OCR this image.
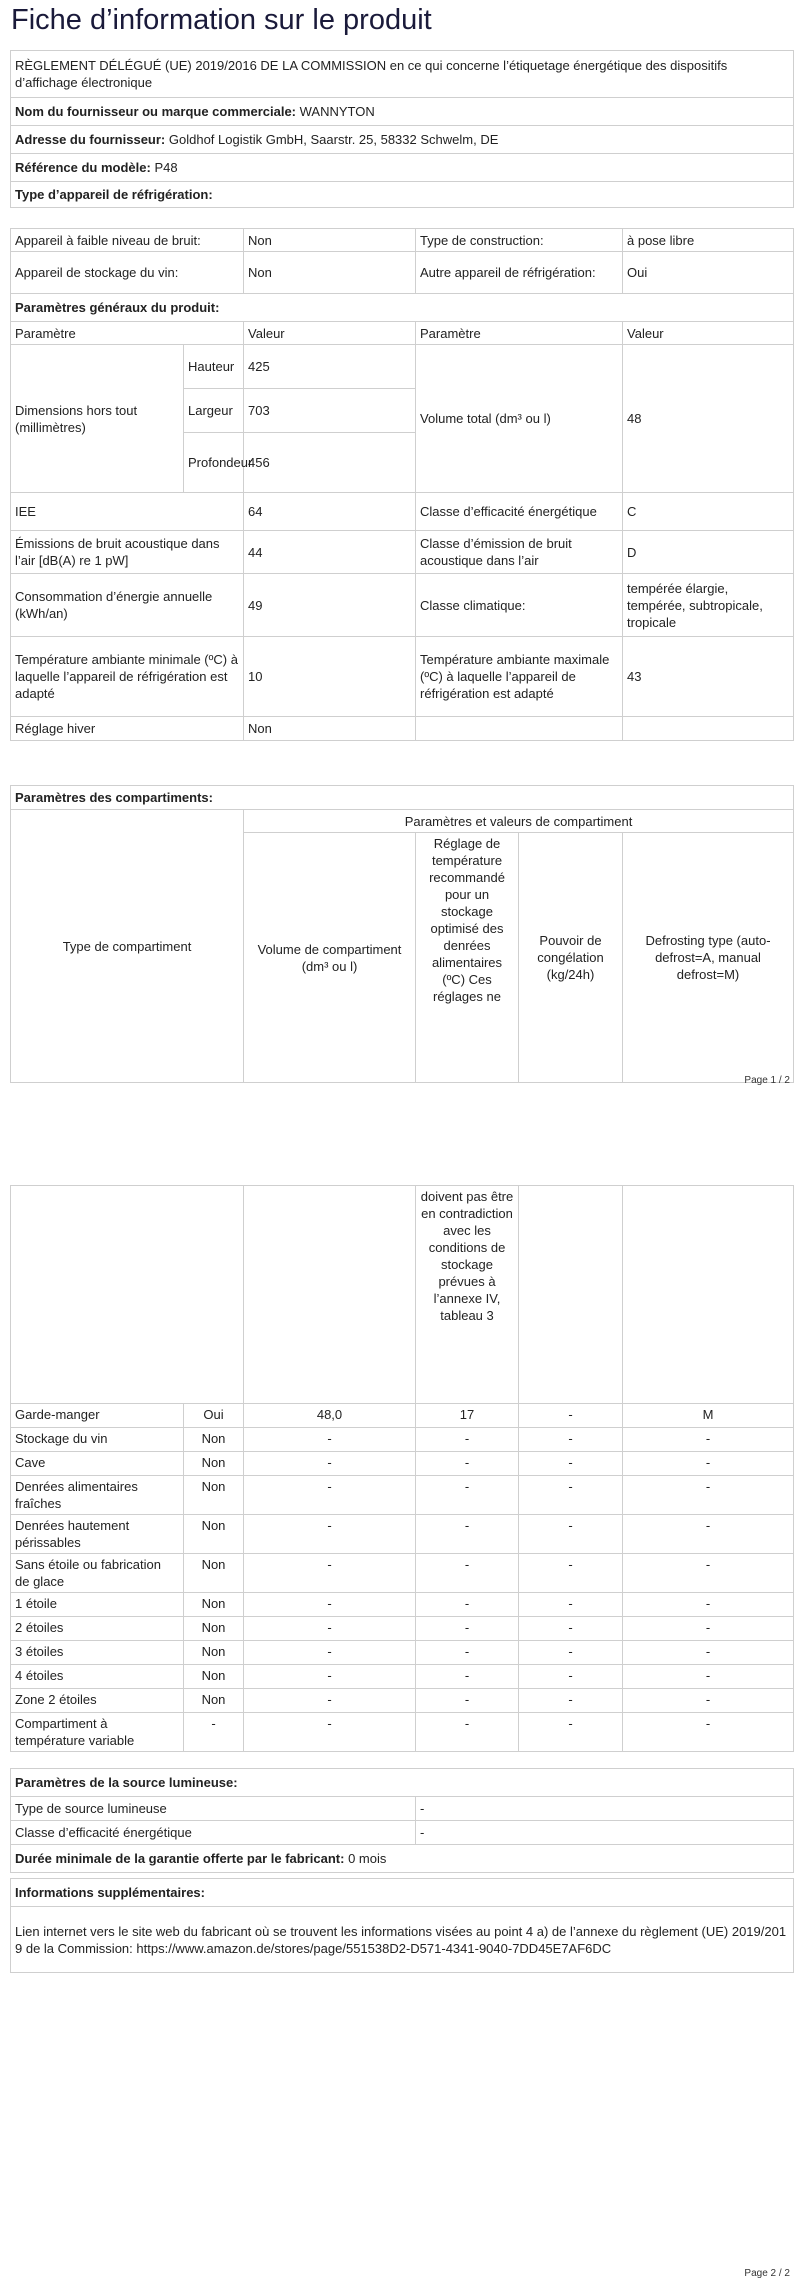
Fiche d’information sur le produit
RÈGLEMENT DÉLÉGUÉ (UE) 2019/2016 DE LA COMMISSION en ce qui concerne l’étiquetage énergétique des dispositifs d’affichage électronique
Nom du fournisseur ou marque commerciale: WANNYTON
Adresse du fournisseur: Goldhof Logistik GmbH, Saarstr. 25, 58332 Schwelm, DE
Référence du modèle: P48
Type d’appareil de réfrigération:
Appareil à faible niveau de bruit:	Non	Type de construction:	à pose libre
Appareil de stockage du vin:	Non	Autre appareil de réfrigération:	Oui
Paramètres généraux du produit:
Paramètre		Valeur	Paramètre	Valeur
Dimensions hors tout (millimètres)	Hauteur	425	Volume total (dm³ ou l)	48
	Largeur	703		
	Profondeur	456		
IEE		64	Classe d’efficacité énergétique	C
Émissions de bruit acoustique dans l’air [dB(A) re 1 pW]		44	Classe d’émission de bruit acoustique dans l’air	D
Consommation d’énergie annuelle (kWh/an)		49	Classe climatique:	tempérée élargie, tempérée, subtropicale, tropicale
Température ambiante minimale (ºC) à laquelle l’appareil de réfrigération est adapté		10	Température ambiante maximale (ºC) à laquelle l’appareil de réfrigération est adapté	43
Réglage hiver		Non		
Paramètres des compartiments:
Type de compartiment	Paramètres et valeurs de compartiment			
	Volume de compartiment (dm³ ou l)	Réglage de température recommandé pour un stockage optimisé des denrées alimentaires (ºC) Ces réglages ne	Pouvoir de congélation (kg/24h)	Defrosting type (auto-defrost=A, manual defrost=M)
Page 1 / 2
		doivent pas être en contradiction avec les conditions de stockage prévues à l’annexe IV, tableau 3		
Garde-manger	Oui	48,0	17	-	M
Stockage du vin	Non	-	-	-	-
Cave	Non	-	-	-	-
Denrées alimentaires fraîches	Non	-	-	-	-
Denrées hautement périssables	Non	-	-	-	-
Sans étoile ou fabrication de glace	Non	-	-	-	-
1 étoile	Non	-	-	-	-
2 étoiles	Non	-	-	-	-
3 étoiles	Non	-	-	-	-
4 étoiles	Non	-	-	-	-
Zone 2 étoiles	Non	-	-	-	-
Compartiment à température variable	-	-	-	-	-
Paramètres de la source lumineuse:
Type de source lumineuse	-
Classe d’efficacité énergétique	-
Durée minimale de la garantie offerte par le fabricant: 0 mois
Informations supplémentaires:
Lien internet vers le site web du fabricant où se trouvent les informations visées au point 4 a) de l’annexe du règlement (UE) 2019/2019 de la Commission: https://www.amazon.de/stores/page/551538D2-D571-4341-9040-7DD45E7AF6DC
Page 2 / 2
